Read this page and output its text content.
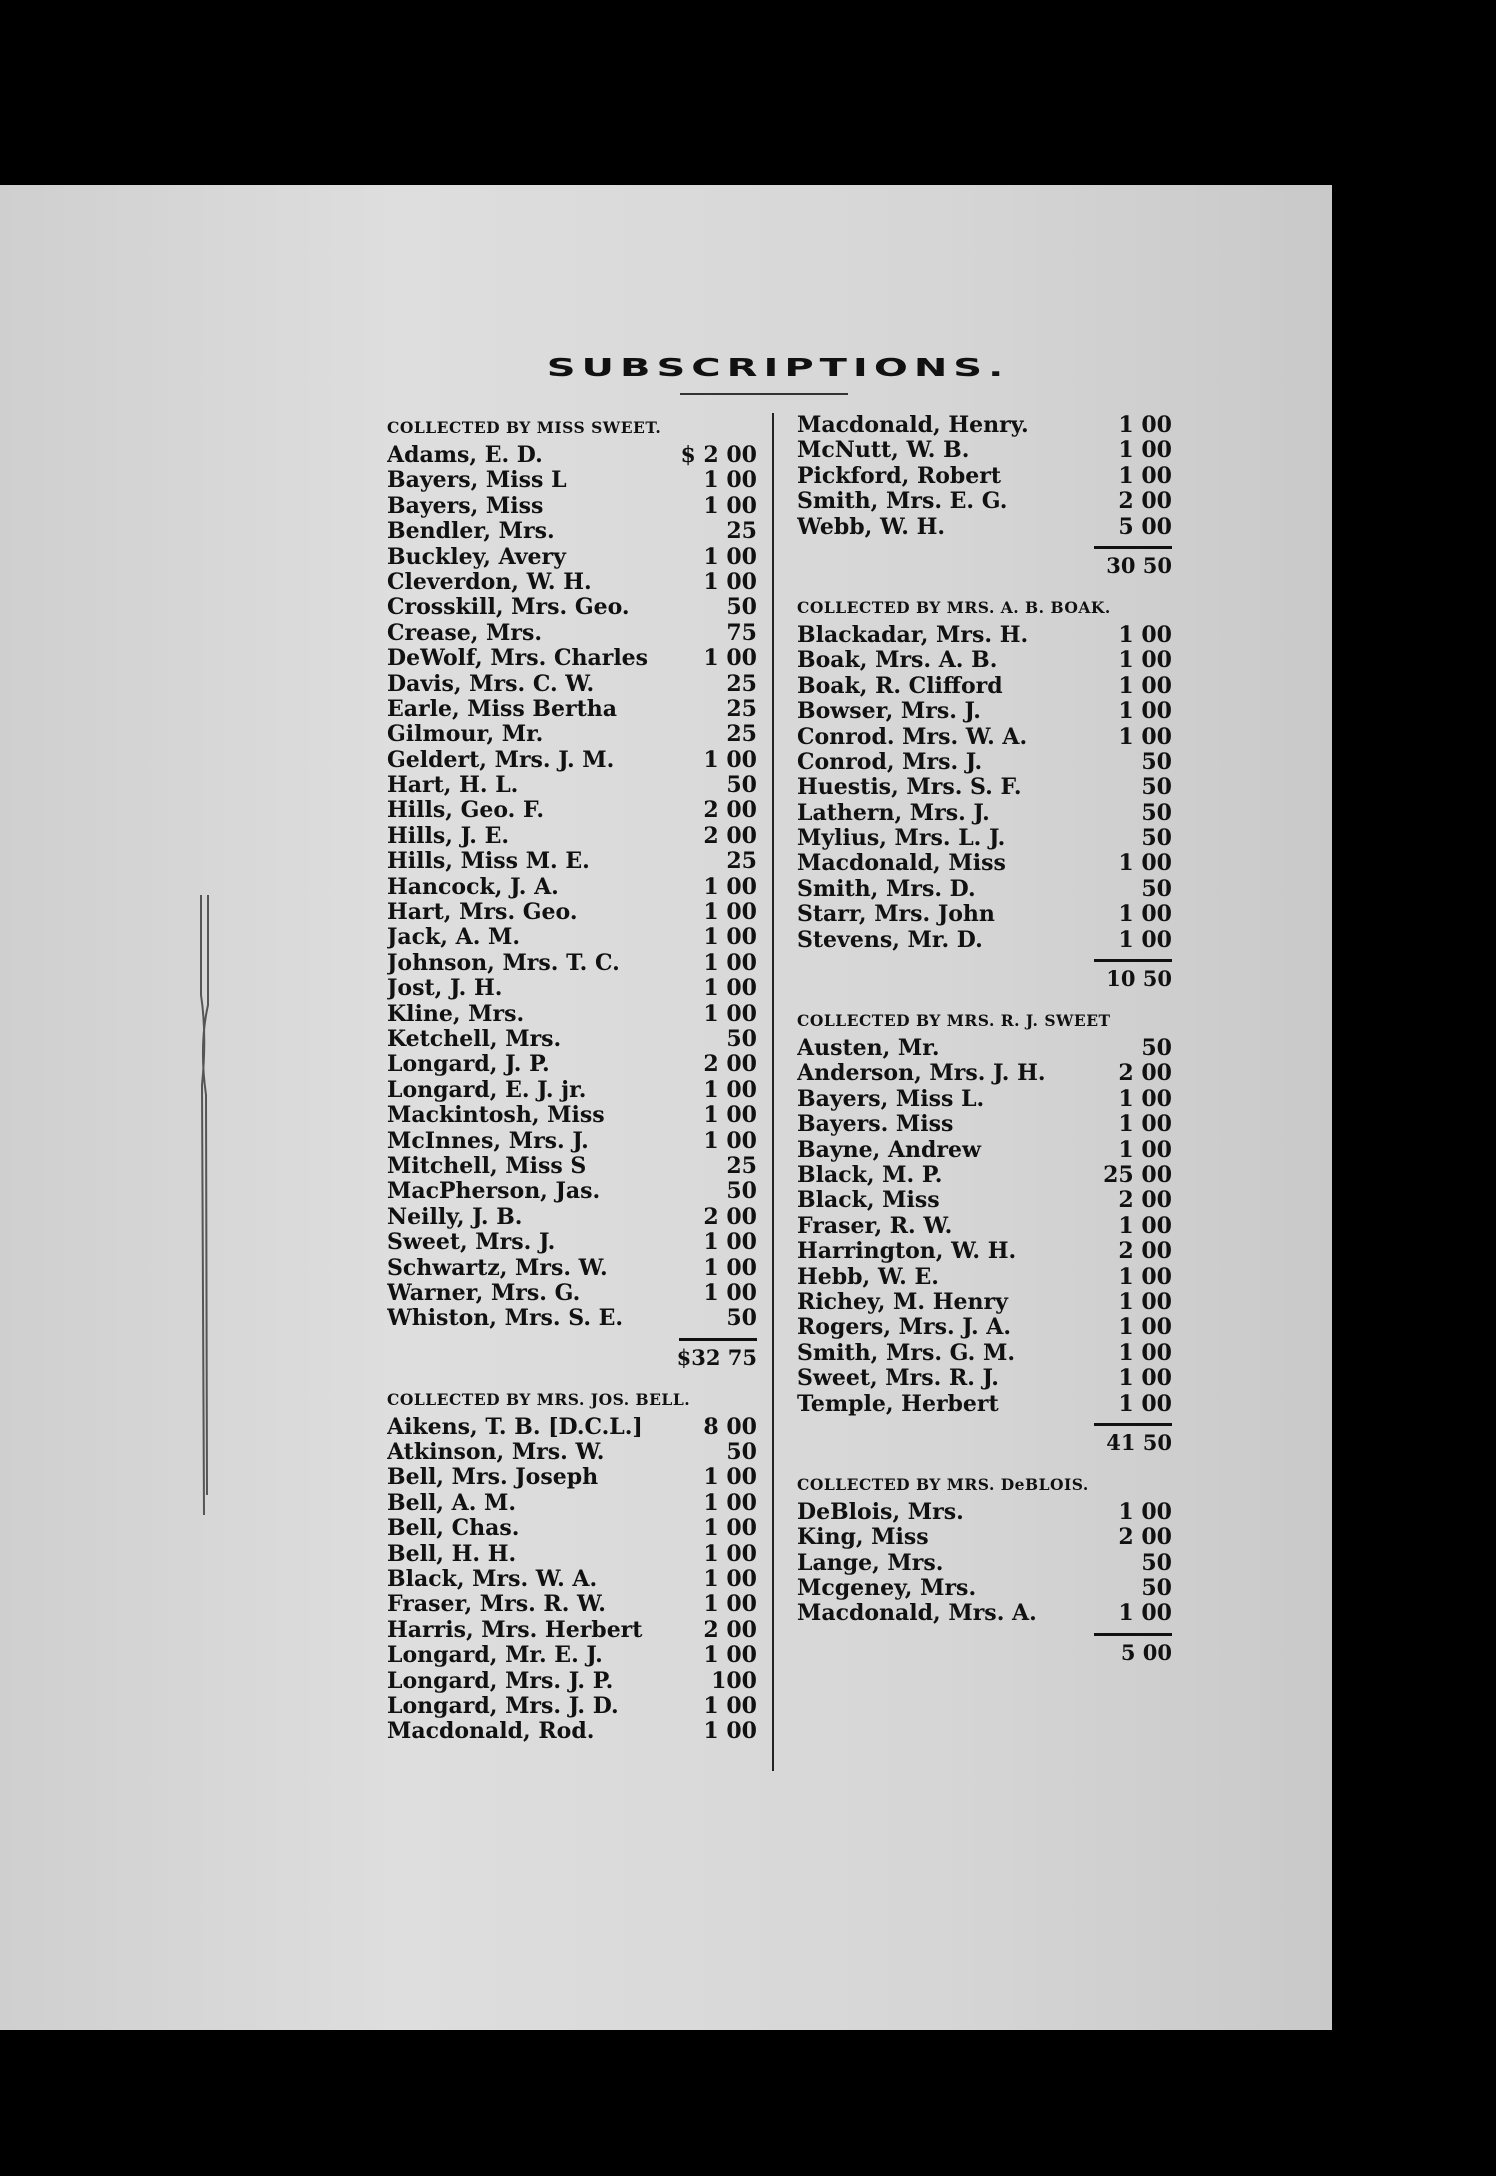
SUBSCRIPTIONS.
COLLECTED BY MISS SWEET.
Adams, E. D.	$ 2 00
Bayers, Miss L	1 00
Bayers, Miss	1 00
Bendler, Mrs.	25
Buckley, Avery	1 00
Cleverdon, W. H.	1 00
Crosskill, Mrs. Geo.	50
Crease, Mrs.	75
DeWolf, Mrs. Charles	1 00
Davis, Mrs. C. W.	25
Earle, Miss Bertha	25
Gilmour, Mr.	25
Geldert, Mrs. J. M.	1 00
Hart, H. L.	50
Hills, Geo. F.	2 00
Hills, J. E.	2 00
Hills, Miss M. E.	25
Hancock, J. A.	1 00
Hart, Mrs. Geo.	1 00
Jack, A. M.	1 00
Johnson, Mrs. T. C.	1 00
Jost, J. H.	1 00
Kline, Mrs.	1 00
Ketchell, Mrs.	50
Longard, J. P.	2 00
Longard, E. J. jr.	1 00
Mackintosh, Miss	1 00
McInnes, Mrs. J.	1 00
Mitchell, Miss S	25
MacPherson, Jas.	50
Neilly, J. B.	2 00
Sweet, Mrs. J.	1 00
Schwartz, Mrs. W.	1 00
Warner, Mrs. G.	1 00
Whiston, Mrs. S. E.	50
$32 75
COLLECTED BY MRS. JOS. BELL.
Aikens, T. B. [D.C.L.]	8 00
Atkinson, Mrs. W.	50
Bell, Mrs. Joseph	1 00
Bell, A. M.	1 00
Bell, Chas.	1 00
Bell, H. H.	1 00
Black, Mrs. W. A.	1 00
Fraser, Mrs. R. W.	1 00
Harris, Mrs. Herbert	2 00
Longard, Mr. E. J.	1 00
Longard, Mrs. J. P.	100
Longard, Mrs. J. D.	1 00
Macdonald, Rod.	1 00
Macdonald, Henry.	1 00
McNutt, W. B.	1 00
Pickford, Robert	1 00
Smith, Mrs. E. G.	2 00
Webb, W. H.	5 00
30 50
COLLECTED BY MRS. A. B. BOAK.
Blackadar, Mrs. H.	1 00
Boak, Mrs. A. B.	1 00
Boak, R. Clifford	1 00
Bowser, Mrs. J.	1 00
Conrod. Mrs. W. A.	1 00
Conrod, Mrs. J.	50
Huestis, Mrs. S. F.	50
Lathern, Mrs. J.	50
Mylius, Mrs. L. J.	50
Macdonald, Miss	1 00
Smith, Mrs. D.	50
Starr, Mrs. John	1 00
Stevens, Mr. D.	1 00
10 50
COLLECTED BY MRS. R. J. SWEET
Austen, Mr.	50
Anderson, Mrs. J. H.	2 00
Bayers, Miss L.	1 00
Bayers. Miss	1 00
Bayne, Andrew	1 00
Black, M. P.	25 00
Black, Miss	2 00
Fraser, R. W.	1 00
Harrington, W. H.	2 00
Hebb, W. E.	1 00
Richey, M. Henry	1 00
Rogers, Mrs. J. A.	1 00
Smith, Mrs. G. M.	1 00
Sweet, Mrs. R. J.	1 00
Temple, Herbert	1 00
41 50
COLLECTED BY MRS. DeBLOIS.
DeBlois, Mrs.	1 00
King, Miss	2 00
Lange, Mrs.	50
Mcgeney, Mrs.	50
Macdonald, Mrs. A.	1 00
5 00
